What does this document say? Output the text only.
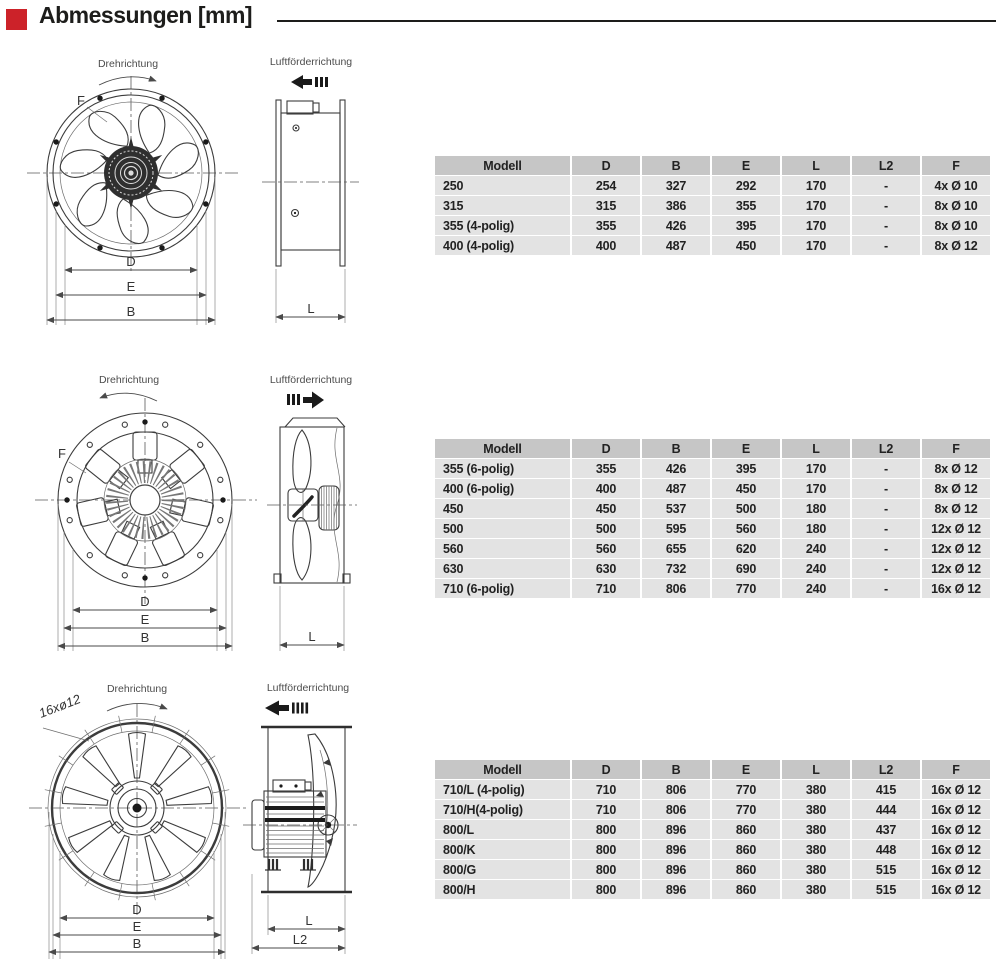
Abmessungen [mm]
F
Drehrichtung
D
E
B
Luftförderrichtung
L
F
Drehrichtung
D
E
B
Luftförderrichtung
L
16xø12
Drehrichtung
D
E
B
Luftförderrichtung
L
L2
Modell	D	B	E	L	L2	F
250	254	327	292	170	-	4x Ø 10
315	315	386	355	170	-	8x Ø 10
355 (4-polig)	355	426	395	170	-	8x Ø 10
400 (4-polig)	400	487	450	170	-	8x Ø 12
Modell	D	B	E	L	L2	F
355 (6-polig)	355	426	395	170	-	8x Ø 12
400 (6-polig)	400	487	450	170	-	8x Ø 12
450	450	537	500	180	-	8x Ø 12
500	500	595	560	180	-	12x Ø 12
560	560	655	620	240	-	12x Ø 12
630	630	732	690	240	-	12x Ø 12
710 (6-polig)	710	806	770	240	-	16x Ø 12
Modell	D	B	E	L	L2	F
710/L (4-polig)	710	806	770	380	415	16x Ø 12
710/H(4-polig)	710	806	770	380	444	16x Ø 12
800/L	800	896	860	380	437	16x Ø 12
800/K	800	896	860	380	448	16x Ø 12
800/G	800	896	860	380	515	16x Ø 12
800/H	800	896	860	380	515	16x Ø 12
